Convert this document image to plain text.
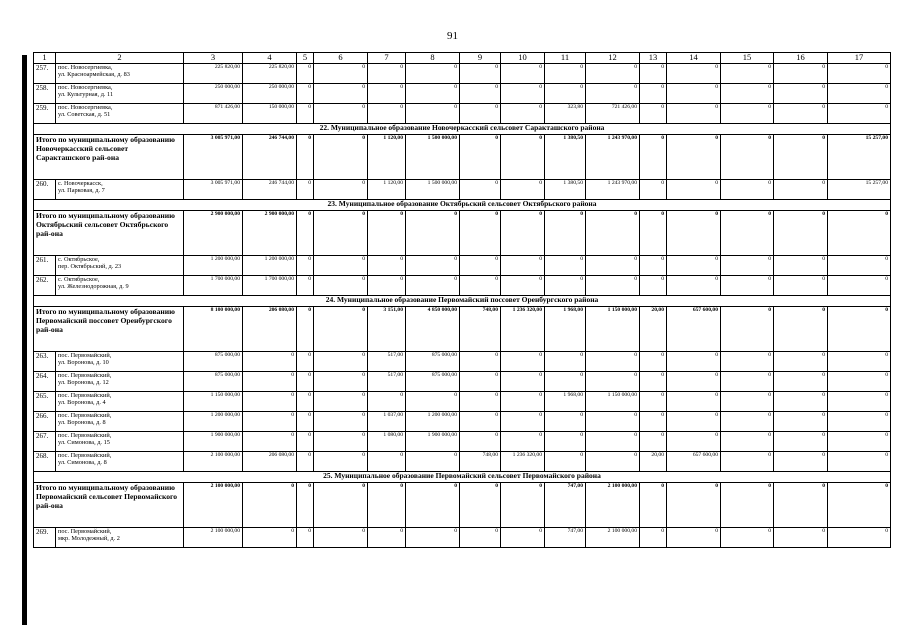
91
1	2	3	4	5	6	7	8	9	10	11	12	13	14	15	16	17
257.	пос. Новосергиевка,
ул. Красноармейская, д. 83	225 820,00	225 820,00	0	0	0	0	0	0	0	0	0	0	0	0	0
258.	пос. Новосергиевка,
ул. Культурная, д. 11	250 000,00	250 000,00	0	0	0	0	0	0	0	0	0	0	0	0	0
259.	пос. Новосергиевка,
ул. Советская, д. 51	871 426,00	150 000,00	0	0	0	0	0	0	323,80	721 426,00	0	0	0	0	0
22. Муниципальное образование Новочеркасский сельсовет Саракташского района																
Итого по муниципальному образованию Новочеркасский сельсовет Саракташского рай-она		3 005 971,00	246 744,00	0	0	1 120,00	1 500 000,00	0	0	1 380,50	1 243 970,00	0	0	0	0	15 257,00
260.	с. Новочеркасск,
ул. Парковая, д. 7	3 005 971,00	246 744,00	0	0	1 120,00	1 500 000,00	0	0	1 380,50	1 243 970,00	0	0	0	0	15 257,00
23. Муниципальное образование Октябрьский сельсовет Октябрьского района																
Итого по муниципальному образованию Октябрьский сельсовет Октябрьского рай-она		2 900 000,00	2 900 000,00	0	0	0	0	0	0	0	0	0	0	0	0	0
261.	с. Октябрьское,
пер. Октябрьский, д. 23	1 200 000,00	1 200 000,00	0	0	0	0	0	0	0	0	0	0	0	0	0
262.	с. Октябрьское,
ул. Железнодорожная, д. 9	1 700 000,00	1 700 000,00	0	0	0	0	0	0	0	0	0	0	0	0	0
24. Муниципальное образование Первомайский поссовет Оренбургского района																
Итого по муниципальному образованию Первомайский поссовет Оренбургского рай-она		8 100 000,00	206 080,00	0	0	3 151,00	4 850 000,00	748,00	1 236 320,00	1 968,00	1 150 000,00	20,00	657 600,00	0	0	0
263.	пос. Первомайский,
ул. Воронова, д. 10	875 000,00	0	0	0	517,00	875 000,00	0	0	0	0	0	0	0	0	0
264.	пос. Первомайский,
ул. Воронова, д. 12	875 000,00	0	0	0	517,00	875 000,00	0	0	0	0	0	0	0	0	0
265.	пос. Первомайский,
ул. Воронова, д. 4	1 150 000,00	0	0	0	0	0	0	0	1 968,00	1 150 000,00	0	0	0	0	0
266.	пос. Первомайский,
ул. Воронова, д. 8	1 200 000,00	0	0	0	1 037,00	1 200 000,00	0	0	0	0	0	0	0	0	0
267.	пос. Первомайский,
ул. Симонова, д. 15	1 900 000,00	0	0	0	1 080,00	1 900 000,00	0	0	0	0	0	0	0	0	0
268.	пос. Первомайский,
ул. Симонова, д. 8	2 100 000,00	206 080,00	0	0	0	0	748,00	1 236 320,00	0	0	20,00	657 600,00	0	0	0
25. Муниципальное образование Первомайский сельсовет Первомайского района																
Итого по муниципальному образованию Первомайский сельсовет Первомайского рай-она		2 100 000,00	0	0	0	0	0	0	0	747,00	2 100 000,00	0	0	0	0	0
269.	пос. Первомайский,
мкр. Молодежный, д. 2	2 100 000,00	0	0	0	0	0	0	0	747,00	2 100 000,00	0	0	0	0	0
